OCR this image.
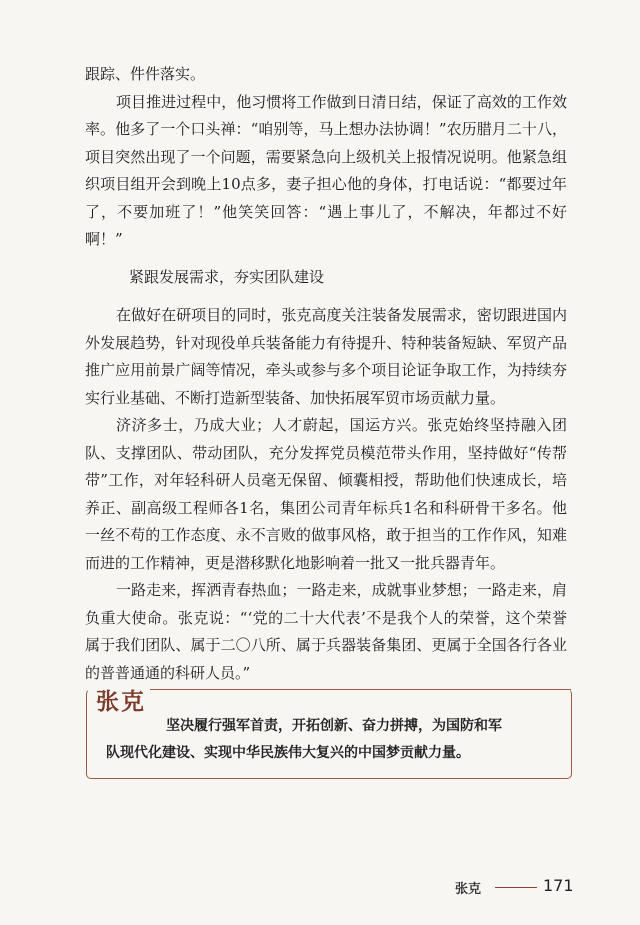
跟踪、件件落实。

项目推进过程中，他习惯将工作做到日清日结，保证了高效的工作效率。他多了一个口头禅：“咱别等，马上想办法协调！”农历腊月二十八，项目突然出现了一个问题，需要紧急向上级机关上报情况说明。他紧急组织项目组开会到晚上10点多，妻子担心他的身体，打电话说：“都要过年了，不要加班了！”他笑笑回答：“遇上事儿了，不解决，年都过不好啊！”

紧跟发展需求，夯实团队建设

在做好在研项目的同时，张克高度关注装备发展需求，密切跟进国内外发展趋势，针对现役单兵装备能力有待提升、特种装备短缺、军贸产品推广应用前景广阔等情况，牵头或参与多个项目论证争取工作，为持续夯实行业基础、不断打造新型装备、加快拓展军贸市场贡献力量。

济济多士，乃成大业；人才蔚起，国运方兴。张克始终坚持融入团队、支撑团队、带动团队，充分发挥党员模范带头作用，坚持做好“传帮带”工作，对年轻科研人员毫无保留、倾囊相授，帮助他们快速成长，培养正、副高级工程师各1名，集团公司青年标兵1名和科研骨干多名。他一丝不苟的工作态度、永不言败的做事风格，敢于担当的工作作风，知难而进的工作精神，更是潜移默化地影响着一批又一批兵器青年。

一路走来，挥洒青春热血；一路走来，成就事业梦想；一路走来，肩负重大使命。张克说：“‘党的二十大代表’不是我个人的荣誉，这个荣誉属于我们团队、属于二〇八所、属于兵器装备集团、更属于全国各行各业的普普通通的科研人员。”

张克

坚决履行强军首责，开拓创新、奋力拼搏，为国防和军
队现代化建设、实现中华民族伟大复兴的中国梦贡献力量。

张克	171
